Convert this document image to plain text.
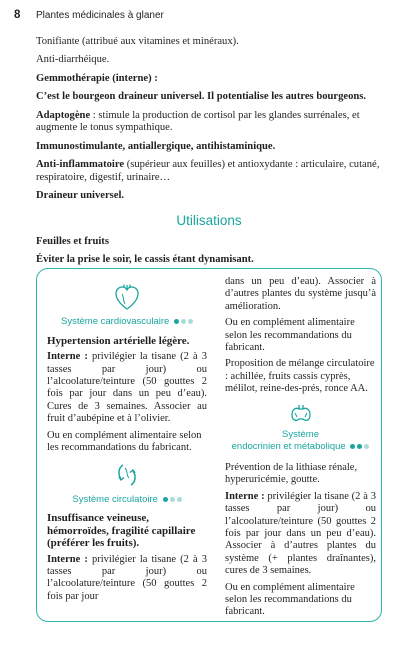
8 Plantes médicinales à glaner

Tonifiante (attribué aux vitamines et minéraux).

Anti-diarrhéique.

Gemmothérapie (interne) :

C’est le bourgeon draineur universel. Il potentialise les autres bourgeons.

Adaptogène : stimule la production de cortisol par les glandes surrénales, et augmente le tonus sympathique.

Immunostimulante, antiallergique, antihistaminique.

Anti-inflammatoire (supérieur aux feuilles) et antioxydante : articulaire, cutané, respiratoire, digestif, urinaire…

Draineur universel.

Utilisations

Feuilles et fruits

Éviter la prise le soir, le cassis étant dynamisant.

Système cardiovasculaire

Hypertension artérielle légère.

Interne : privilégier la tisane (2 à 3 tasses par jour) ou l’alcoolature/teinture (50 gouttes 2 fois par jour dans un peu d’eau). Cures de 3 semaines. Associer au fruit d’aubépine et à l’olivier.

Ou en complément alimentaire selon les recommandations du fabricant.

Système circulatoire

Insuffisance veineuse, hémorroïdes, fragilité capillaire (préférer les fruits).

Interne : privilégier la tisane (2 à 3 tasses par jour) ou l’alcoolature/teinture (50 gouttes 2 fois par jour

dans un peu d’eau). Associer à d’autres plantes du système jusqu’à amélioration.

Ou en complément alimentaire selon les recommandations du fabricant.

Proposition de mélange circulatoire : achillée, fruits cassis cyprès, mélilot, reine-des-prés, ronce AA.

Système
endocrinien et métabolique

Prévention de la lithiase rénale, hyperuricémie, goutte.

Interne : privilégier la tisane (2 à 3 tasses par jour) ou l’alcoolature/teinture (50 gouttes 2 fois par jour dans un peu d’eau). Associer à d’autres plantes du système (+ plantes draînantes), cures de 3 semaines.

Ou en complément alimentaire selon les recommandations du fabricant.
